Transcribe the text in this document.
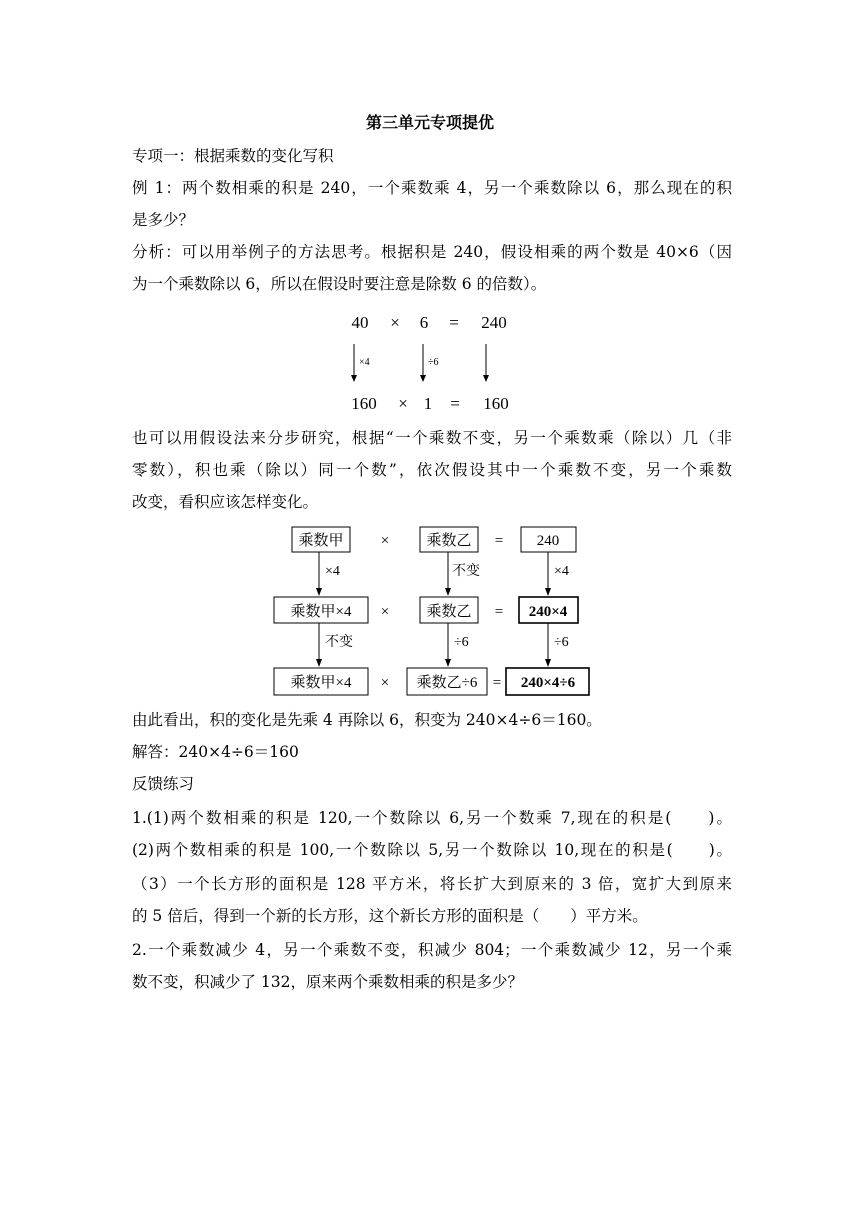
第三单元专项提优
专项一：根据乘数的变化写积
例 1：两个数相乘的积是 240，一个乘数乘 4，另一个乘数除以 6，那么现在的积
是多少？
分析：可以用举例子的方法思考。根据积是 240，假设相乘的两个数是 40×6（因
为一个乘数除以 6，所以在假设时要注意是除数 6 的倍数）。
40 × 6 = 240
160 × 1 = 160
×4	÷6
也可以用假设法来分步研究，根据“一个乘数不变，另一个乘数乘（除以）几（非
零数），积也乘（除以）同一个数”，依次假设其中一个乘数不变，另一个乘数
改变，看积应该怎样变化。
乘数甲 × 乘数乙 = 240
乘数甲×4 × 乘数乙 = 240×4
乘数甲×4 × 乘数乙÷6 = 240×4÷6
×4	不变	×4
不变	÷6	÷6
由此看出，积的变化是先乘 4 再除以 6，积变为 240×4÷6＝160。
解答：240×4÷6＝160
反馈练习
1.(1)两个数相乘的积是 120,一个数除以 6,另一个数乘 7,现在的积是(　　)。
(2)两个数相乘的积是 100,一个数除以 5,另一个数除以 10,现在的积是(　　)。
（3）一个长方形的面积是 128 平方米，将长扩大到原来的 3 倍，宽扩大到原来
的 5 倍后，得到一个新的长方形，这个新长方形的面积是（　　）平方米。
2.一个乘数减少 4，另一个乘数不变，积减少 804；一个乘数减少 12，另一个乘
数不变，积减少了 132，原来两个乘数相乘的积是多少？
